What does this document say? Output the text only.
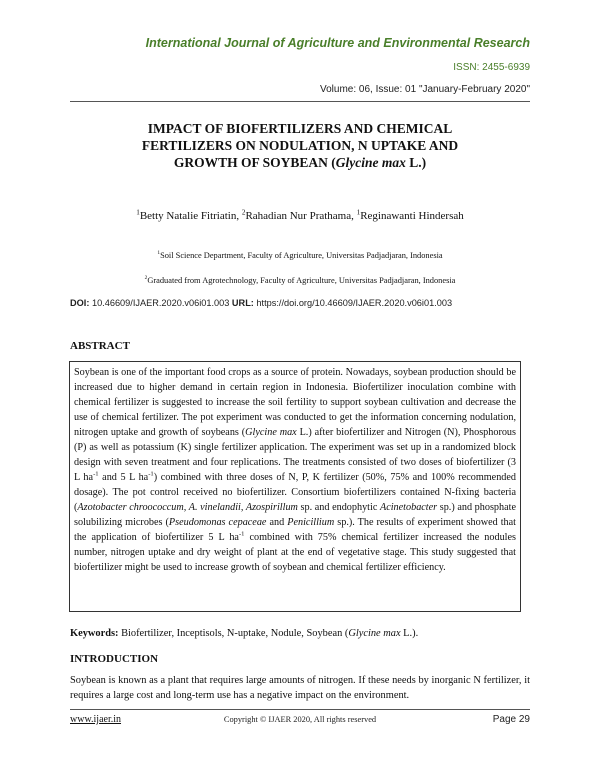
International Journal of Agriculture and Environmental Research
ISSN: 2455-6939
Volume: 06, Issue: 01 "January-February 2020"
IMPACT OF BIOFERTILIZERS AND CHEMICAL
FERTILIZERS ON NODULATION, N UPTAKE AND
GROWTH OF SOYBEAN (Glycine max L.)
$^1$Betty Natalie Fitriatin, $^2$Rahadian Nur Prathama, $^1$Reginawanti Hindersah
$^1$Soil Science Department, Faculty of Agriculture, Universitas Padjadjaran, Indonesia
$^2$Graduated from Agrotechnology, Faculty of Agriculture, Universitas Padjadjaran, Indonesia
DOI: 10.46609/IJAER.2020.v06i01.003 URL: https://doi.org/10.46609/IJAER.2020.v06i01.003
ABSTRACT
Soybean is one of the important food crops as a source of protein. Nowadays, soybean production should be increased due to higher demand in certain region in Indonesia. Biofertilizer inoculation combine with chemical fertilizer is suggested to increase the soil fertility to support soybean cultivation and decrease the use of chemical fertilizer. The pot experiment was conducted to get the information concerning nodulation, nitrogen uptake and growth of soybeans (Glycine max L.) after biofertilizer and Nitrogen (N), Phosphorous (P) as well as potassium (K) single fertilizer application. The experiment was set up in a randomized block design with seven treatment and four replications. The treatments consisted of two doses of biofertilizer (3 L $ha^{-1}$ and 5 L $ha^{-1}$) combined with three doses of N, P, K fertilizer (50%, 75% and 100% recommended dosage). The pot control received no biofertilizer. Consortium biofertilizers contained N-fixing bacteria (Azotobacter chroococcum, A. vinelandii, Azospirillum sp. and endophytic Acinetobacter sp.) and phosphate solubilizing microbes (Pseudomonas cepaceae and Penicillium sp.). The results of experiment showed that the application of biofertilizer 5 L $ha^{-1}$ combined with 75% chemical fertilizer increased the nodules number, nitrogen uptake and dry weight of plant at the end of vegetative stage. This study suggested that biofertilizer might be used to increase growth of soybean and chemical fertilizer efficiency.
Keywords: Biofertilizer, Inceptisols, N-uptake, Nodule, Soybean (Glycine max L.).
INTRODUCTION
Soybean is known as a plant that requires large amounts of nitrogen. If these needs by inorganic N fertilizer, it requires a large cost and long-term use has a negative impact on the environment.
www.ijaer.in	Copyright © IJAER 2020, All rights reserved	Page 29
